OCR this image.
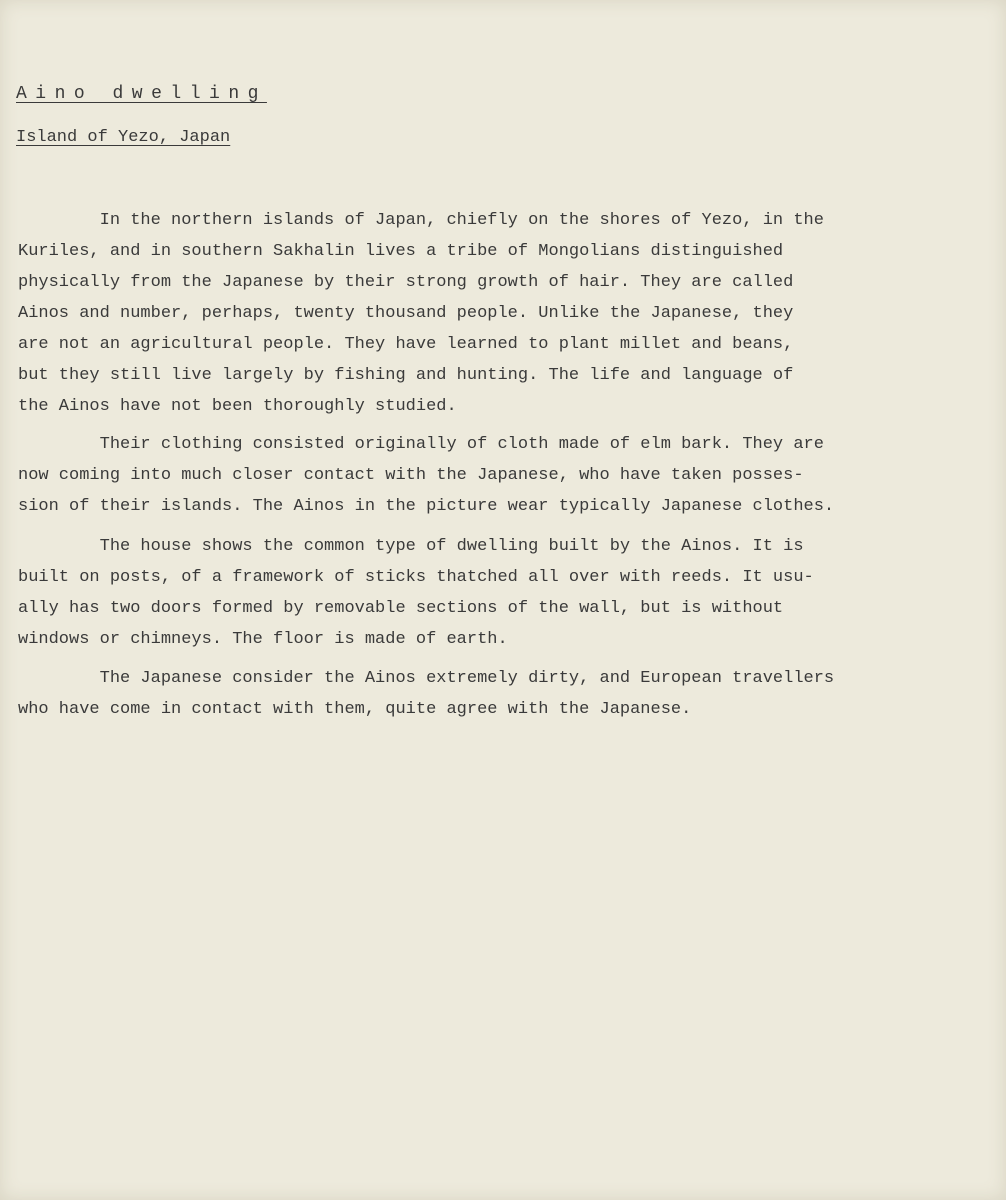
Aino dwelling
Island of Yezo, Japan
In the northern islands of Japan, chiefly on the shores of Yezo, in the
Kuriles, and in southern Sakhalin lives a tribe of Mongolians distinguished
physically from the Japanese by their strong growth of hair. They are called
Ainos and number, perhaps, twenty thousand people. Unlike the Japanese, they
are not an agricultural people. They have learned to plant millet and beans,
but they still live largely by fishing and hunting. The life and language of
the Ainos have not been thoroughly studied.
Their clothing consisted originally of cloth made of elm bark. They are
now coming into much closer contact with the Japanese, who have taken posses-
sion of their islands. The Ainos in the picture wear typically Japanese clothes.
The house shows the common type of dwelling built by the Ainos. It is
built on posts, of a framework of sticks thatched all over with reeds. It usu-
ally has two doors formed by removable sections of the wall, but is without
windows or chimneys. The floor is made of earth.
The Japanese consider the Ainos extremely dirty, and European travellers
who have come in contact with them, quite agree with the Japanese.
